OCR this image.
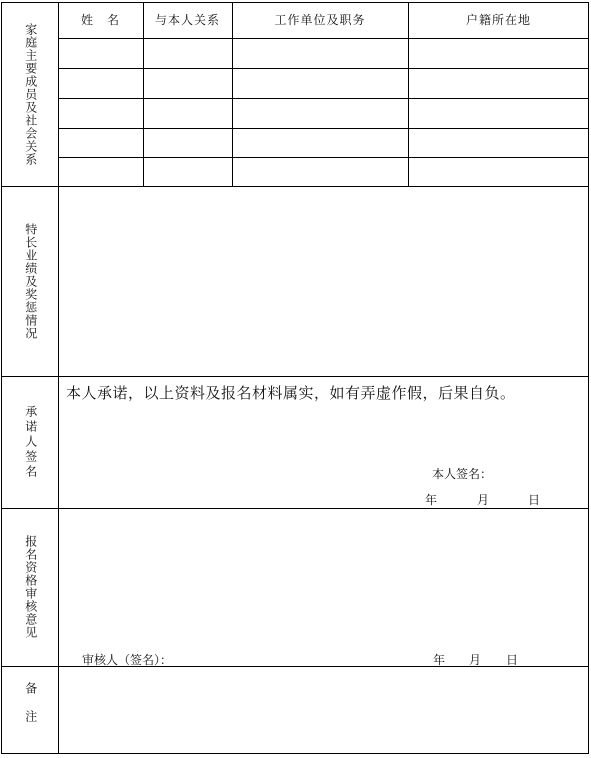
家庭主要成员及社会关系
姓　名	与本人关系	工作单位及职务	户籍所在地
特长业绩及奖惩情况
承诺人签名
本人承诺，以上资料及报名材料属实，如有弄虚作假，后果自负。
本人签名：
年	月	日
报名资格审核意见
审核人（签名）：	年 月 日
备注
